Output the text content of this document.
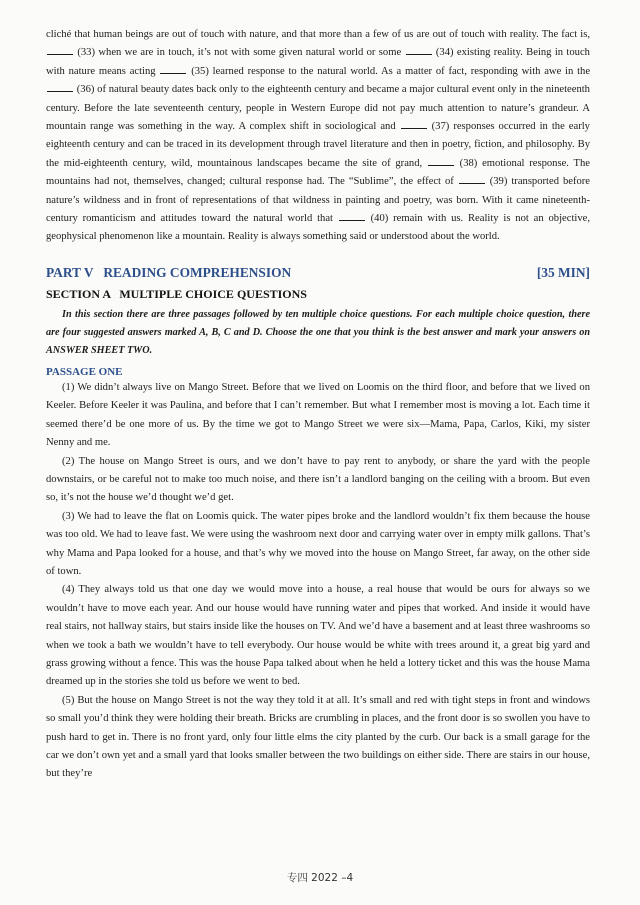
cliché that human beings are out of touch with nature, and that more than a few of us are out of touch with reality. The fact is,  (33) when we are in touch, it’s not with some given natural world or some	(34) existing reality. Being in touch with nature means acting	(35) learned response to the natural world. As a matter of fact, responding with awe in the  (36) of natural beauty dates back only to the eighteenth century and became a major cultural event only in the nineteenth century. Before the late seventeenth century, people in Western Europe did not pay much attention to nature’s grandeur. A mountain range was something in the way. A complex shift in sociological and	(37) responses occurred in the early eighteenth century and can be traced in its development through travel literature and then in poetry, fiction, and philosophy. By the mid-eighteenth century, wild, mountainous landscapes became the site of grand,	(38) emotional response. The mountains had not, themselves, changed; cultural response had. The “Sublime”, the effect of	(39) transported before nature’s wildness and in front of representations of that wildness in painting and poetry, was born. With it came nineteenth-century romanticism and attitudes toward the natural world that	(40) remain with us. Reality is not an objective, geophysical phenomenon like a mountain. Reality is always something said or understood about the world.

PART V   READING COMPREHENSION	[35 MIN]
SECTION A   MULTIPLE CHOICE QUESTIONS

In this section there are three passages followed by ten multiple choice questions. For each multiple choice question, there are four suggested answers marked A, B, C and D. Choose the one that you think is the best answer and mark your answers on ANSWER SHEET TWO.

PASSAGE ONE

(1) We didn’t always live on Mango Street. Before that we lived on Loomis on the third floor, and before that we lived on Keeler. Before Keeler it was Paulina, and before that I can’t remember. But what I remember most is moving a lot. Each time it seemed there’d be one more of us. By the time we got to Mango Street we were six—Mama, Papa, Carlos, Kiki, my sister Nenny and me.

(2) The house on Mango Street is ours, and we don’t have to pay rent to anybody, or share the yard with the people downstairs, or be careful not to make too much noise, and there isn’t a landlord banging on the ceiling with a broom. But even so, it’s not the house we’d thought we’d get.

(3) We had to leave the flat on Loomis quick. The water pipes broke and the landlord wouldn’t fix them because the house was too old. We had to leave fast. We were using the washroom next door and carrying water over in empty milk gallons. That’s why Mama and Papa looked for a house, and that’s why we moved into the house on Mango Street, far away, on the other side of town.

(4) They always told us that one day we would move into a house, a real house that would be ours for always so we wouldn’t have to move each year. And our house would have running water and pipes that worked. And inside it would have real stairs, not hallway stairs, but stairs inside like the houses on TV. And we’d have a basement and at least three washrooms so when we took a bath we wouldn’t have to tell everybody. Our house would be white with trees around it, a great big yard and grass growing without a fence. This was the house Papa talked about when he held a lottery ticket and this was the house Mama dreamed up in the stories she told us before we went to bed.

(5) But the house on Mango Street is not the way they told it at all. It’s small and red with tight steps in front and windows so small you’d think they were holding their breath. Bricks are crumbling in places, and the front door is so swollen you have to push hard to get in. There is no front yard, only four little elms the city planted by the curb. Our back is a small garage for the car we don’t own yet and a small yard that looks smaller between the two buildings on either side. There are stairs in our house, but they’re

专四 2022 –4
